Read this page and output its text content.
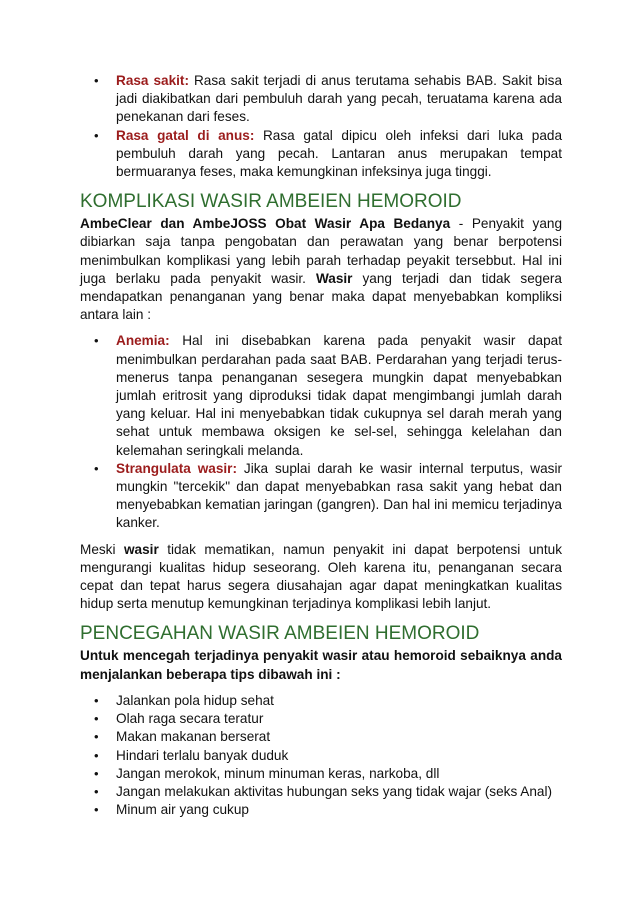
• Rasa sakit: Rasa sakit terjadi di anus terutama sehabis BAB. Sakit bisa jadi diakibatkan dari pembuluh darah yang pecah, teruatama karena ada penekanan dari feses.
• Rasa gatal di anus: Rasa gatal dipicu oleh infeksi dari luka pada pembuluh darah yang pecah. Lantaran anus merupakan tempat bermuaranya feses, maka kemungkinan infeksinya juga tinggi.
KOMPLIKASI WASIR AMBEIEN HEMOROID

AmbeClear dan AmbeJOSS Obat Wasir Apa Bedanya - Penyakit yang dibiarkan saja tanpa pengobatan dan perawatan yang benar berpotensi menimbulkan komplikasi yang lebih parah terhadap peyakit tersebbut. Hal ini juga berlaku pada penyakit wasir. Wasir yang terjadi dan tidak segera mendapatkan penanganan yang benar maka dapat menyebabkan kompliksi antara lain :

• Anemia: Hal ini disebabkan karena pada penyakit wasir dapat menimbulkan perdarahan pada saat BAB. Perdarahan yang terjadi terus-menerus tanpa penanganan sesegera mungkin dapat menyebabkan jumlah eritrosit yang diproduksi tidak dapat mengimbangi jumlah darah yang keluar. Hal ini menyebabkan tidak cukupnya sel darah merah yang sehat untuk membawa oksigen ke sel-sel, sehingga kelelahan dan kelemahan seringkali melanda.
• Strangulata wasir: Jika suplai darah ke wasir internal terputus, wasir mungkin "tercekik" dan dapat menyebabkan rasa sakit yang hebat dan menyebabkan kematian jaringan (gangren). Dan hal ini memicu terjadinya kanker.

Meski wasir tidak mematikan, namun penyakit ini dapat berpotensi untuk mengurangi kualitas hidup seseorang. Oleh karena itu, penanganan secara cepat dan tepat harus segera diusahajan agar dapat meningkatkan kualitas hidup serta menutup kemungkinan terjadinya komplikasi lebih lanjut.

PENCEGAHAN WASIR AMBEIEN HEMOROID

Untuk mencegah terjadinya penyakit wasir atau hemoroid sebaiknya anda menjalankan beberapa tips dibawah ini :

• Jalankan pola hidup sehat
• Olah raga secara teratur
• Makan makanan berserat
• Hindari terlalu banyak duduk
• Jangan merokok, minum minuman keras, narkoba, dll
• Jangan melakukan aktivitas hubungan seks yang tidak wajar (seks Anal)
• Minum air yang cukup
